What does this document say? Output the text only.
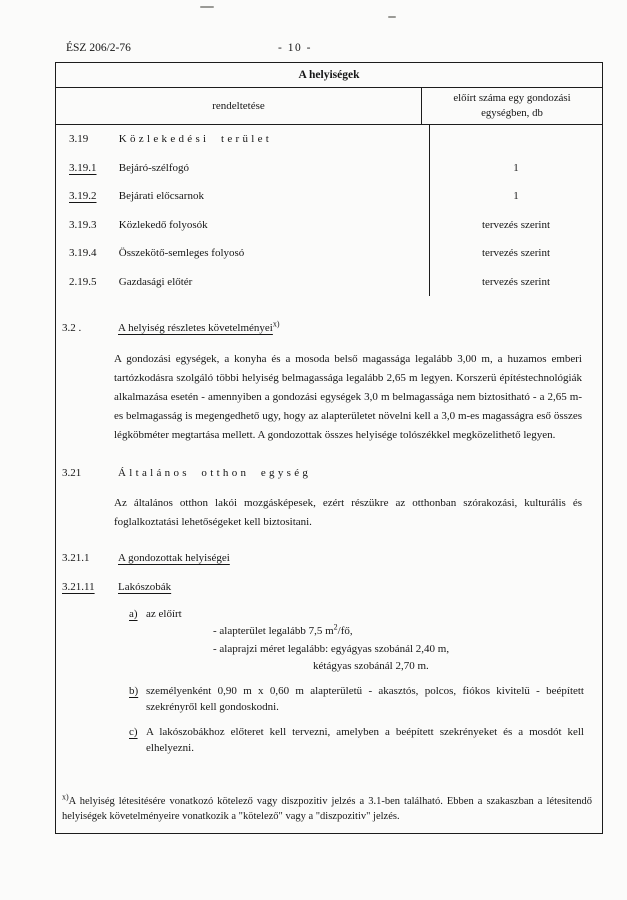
ÉSZ 206/2-76	- 10 -
A helyiségek
rendeltetése
előírt száma egy gondozási egységben, db
3.19	Közlekedési terület
3.19.1 Bejáró-szélfogó	1
3.19.2 Bejárati előcsarnok	1
3.19.3 Közlekedő folyosók	tervezés szerint
3.19.4 Összekötő-semleges folyosó	tervezés szerint
2.19.5 Gazdasági előtér	tervezés szerint
3.2 .	A helyiség részletes követelményei$^{x)}$
A gondozási egységek, a konyha és a mosoda belső magassága legalább 3,00 m, a huzamos emberi tartózkodásra szolgáló többi helyiség belmagassága legalább 2,65 m legyen. Korszerü építéstechnológiák alkalmazása esetén - amennyiben a gondozási egységek 3,0 m belmagassága nem biztositható - a 2,65 m-es belmagasság is megengedhető ugy, hogy az alapterületet növelni kell a 3,0 m-es magasságra eső összes légköbméter megtartása mellett. A gondozottak összes helyisége tolószékkel megközelithető legyen.
3.21	Általános otthon egység
Az általános otthon lakói mozgásképesek, ezért részükre az otthonban szórakozási, kulturális és foglalkoztatási lehetőségeket kell biztositani.
3.21.1	A gondozottak helyiségei
3.21.11 Lakószobák
a) az előírt
- alapterület legalább 7,5 $m^2/fő$,
- alaprajzi méret legalább: egyágyas szobánál 2,40 m,
kétágyas szobánál 2,70 m.
b) személyenként 0,90 m x 0,60 m alapterületü - akasztós, polcos, fiókos kivitelü - beépített szekrényről kell gondoskodni.
c) A lakószobákhoz előteret kell tervezni, amelyben a beépített szekrényeket és a mosdót kell elhelyezni.
$^{x)}$A helyiség létesitésére vonatkozó kötelező vagy diszpozitiv jelzés a 3.1-ben található. Ebben a szakaszban a létesitendő helyiségek követelményeire vonatkozik a "kötelező" vagy a "diszpozitiv" jelzés.
